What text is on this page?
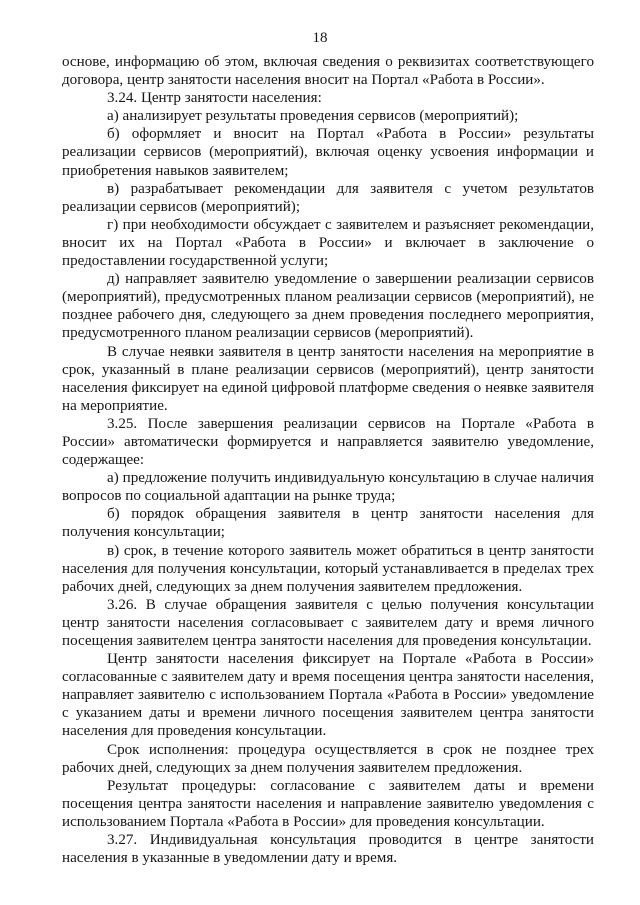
18

основе, информацию об этом, включая сведения о реквизитах соответствующего договора, центр занятости населения вносит на Портал «Работа в России».

3.24. Центр занятости населения:

а) анализирует результаты проведения сервисов (мероприятий);

б) оформляет и вносит на Портал «Работа в России» результаты реализации сервисов (мероприятий), включая оценку усвоения информации и приобретения навыков заявителем;

в) разрабатывает рекомендации для заявителя с учетом результатов реализации сервисов (мероприятий);

г) при необходимости обсуждает с заявителем и разъясняет рекомендации, вносит их на Портал «Работа в России» и включает в заключение о предоставлении государственной услуги;

д) направляет заявителю уведомление о завершении реализации сервисов (мероприятий), предусмотренных планом реализации сервисов (мероприятий), не позднее рабочего дня, следующего за днем проведения последнего мероприятия, предусмотренного планом реализации сервисов (мероприятий).

В случае неявки заявителя в центр занятости населения на мероприятие в срок, указанный в плане реализации сервисов (мероприятий), центр занятости населения фиксирует на единой цифровой платформе сведения о неявке заявителя на мероприятие.

3.25. После завершения реализации сервисов на Портале «Работа в России» автоматически формируется и направляется заявителю уведомление, содержащее:

а) предложение получить индивидуальную консультацию в случае наличия вопросов по социальной адаптации на рынке труда;

б) порядок обращения заявителя в центр занятости населения для получения консультации;

в) срок, в течение которого заявитель может обратиться в центр занятости населения для получения консультации, который устанавливается в пределах трех рабочих дней, следующих за днем получения заявителем предложения.

3.26. В случае обращения заявителя с целью получения консультации центр занятости населения согласовывает с заявителем дату и время личного посещения заявителем центра занятости населения для проведения консультации.

Центр занятости населения фиксирует на Портале «Работа в России» согласованные с заявителем дату и время посещения центра занятости населения, направляет заявителю с использованием Портала «Работа в России» уведомление с указанием даты и времени личного посещения заявителем центра занятости населения для проведения консультации.

Срок исполнения: процедура осуществляется в срок не позднее трех рабочих дней, следующих за днем получения заявителем предложения.

Результат процедуры: согласование с заявителем даты и времени посещения центра занятости населения и направление заявителю уведомления с использованием Портала «Работа в России» для проведения консультации.

3.27. Индивидуальная консультация проводится в центре занятости населения в указанные в уведомлении дату и время.
